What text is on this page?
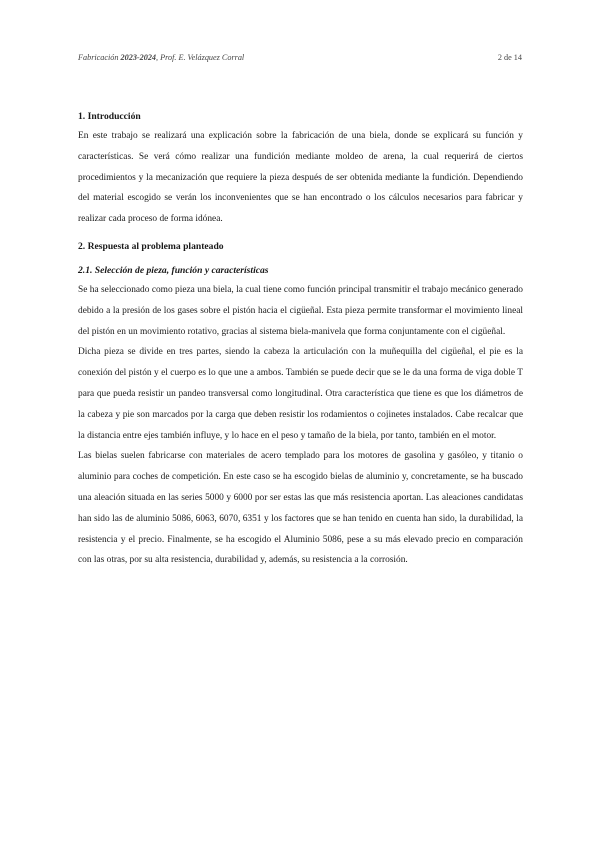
Fabricación 2023-2024, Prof. E. Velázquez Corral	2 de 14
1. Introducción

En este trabajo se realizará una explicación sobre la fabricación de una biela, donde se explicará su función y características. Se verá cómo realizar una fundición mediante moldeo de arena, la cual requerirá de ciertos procedimientos y la mecanización que requiere la pieza después de ser obtenida mediante la fundición. Dependiendo del material escogido se verán los inconvenientes que se han encontrado o los cálculos necesarios para fabricar y realizar cada proceso de forma idónea.

2. Respuesta al problema planteado
2.1. Selección de pieza, función y características

Se ha seleccionado como pieza una biela, la cual tiene como función principal transmitir el trabajo mecánico generado debido a la presión de los gases sobre el pistón hacia el cigüeñal. Esta pieza permite transformar el movimiento lineal del pistón en un movimiento rotativo, gracias al sistema biela-manivela que forma conjuntamente con el cigüeñal.

Dicha pieza se divide en tres partes, siendo la cabeza la articulación con la muñequilla del cigüeñal, el pie es la conexión del pistón y el cuerpo es lo que une a ambos. También se puede decir que se le da una forma de viga doble T para que pueda resistir un pandeo transversal como longitudinal. Otra característica que tiene es que los diámetros de la cabeza y pie son marcados por la carga que deben resistir los rodamientos o cojinetes instalados. Cabe recalcar que la distancia entre ejes también influye, y lo hace en el peso y tamaño de la biela, por tanto, también en el motor.

Las bielas suelen fabricarse con materiales de acero templado para los motores de gasolina y gasóleo, y titanio o aluminio para coches de competición. En este caso se ha escogido bielas de aluminio y, concretamente, se ha buscado una aleación situada en las series 5000 y 6000 por ser estas las que más resistencia aportan. Las aleaciones candidatas han sido las de aluminio 5086, 6063, 6070, 6351 y los factores que se han tenido en cuenta han sido, la durabilidad, la resistencia y el precio. Finalmente, se ha escogido el Aluminio 5086, pese a su más elevado precio en comparación con las otras, por su alta resistencia, durabilidad y, además, su resistencia a la corrosión.
